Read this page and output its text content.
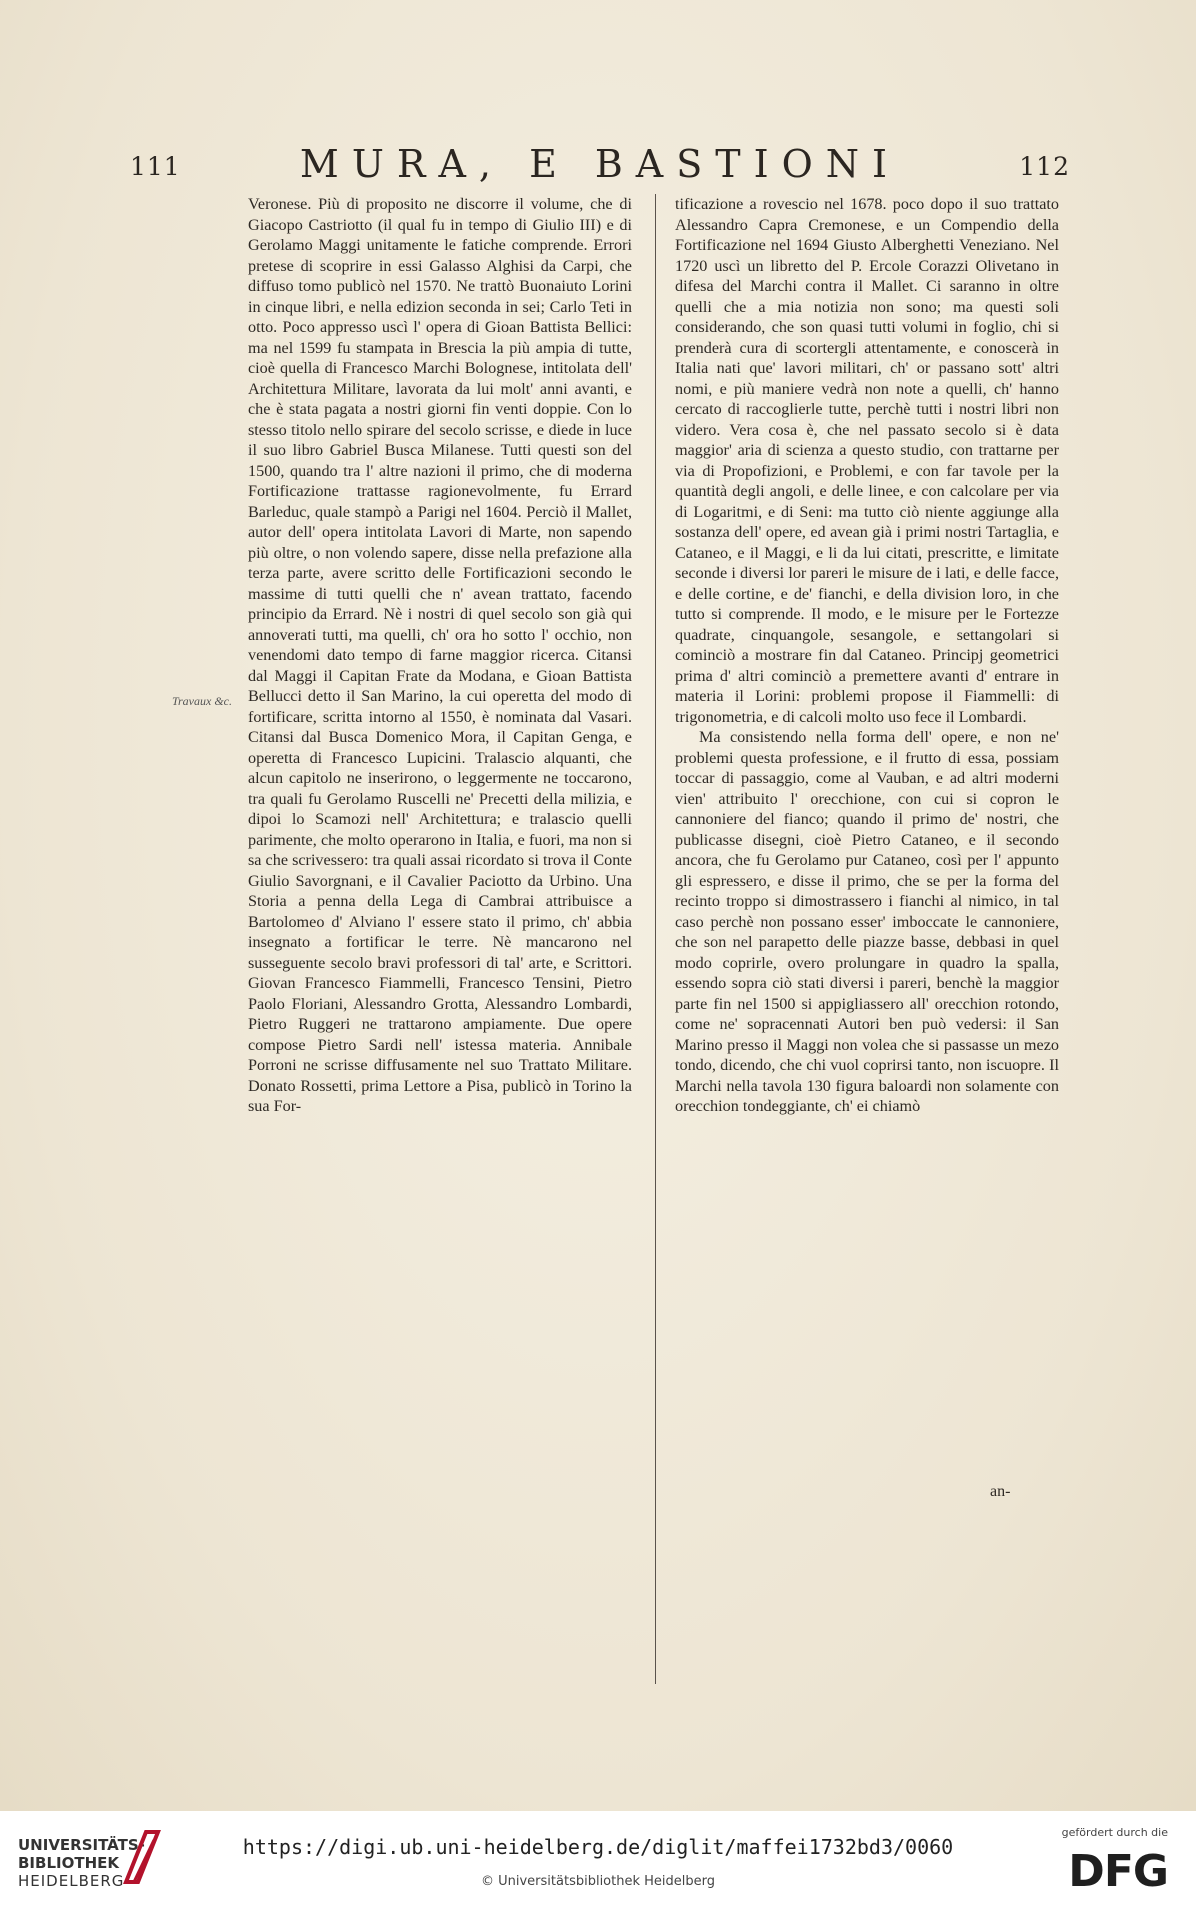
111	MURA, E BASTIONI	112
Travaux &c.

Veronese. Più di proposito ne discorre il volume, che di Giacopo Castriotto (il qual fu in tempo di Giulio III) e di Gerolamo Maggi unitamente le fatiche comprende. Errori pretese di scoprire in essi Galasso Alghisi da Carpi, che diffuso tomo publicò nel 1570. Ne trattò Buonaiuto Lorini in cinque libri, e nella edizion seconda in sei; Carlo Teti in otto. Poco appresso uscì l' opera di Gioan Battista Bellici: ma nel 1599 fu stampata in Brescia la più ampia di tutte, cioè quella di Francesco Marchi Bolognese, intitolata dell' Architettura Militare, lavorata da lui molt' anni avanti, e che è stata pagata a nostri giorni fin venti doppie. Con lo stesso titolo nello spirare del secolo scrisse, e diede in luce il suo libro Gabriel Busca Milanese. Tutti questi son del 1500, quando tra l' altre nazioni il primo, che di moderna Fortificazione trattasse ragionevolmente, fu Errard Barleduc, quale stampò a Parigi nel 1604. Perciò il Mallet, autor dell' opera intitolata Lavori di Marte, non sapendo più oltre, o non volendo sapere, disse nella prefazione alla terza parte, avere scritto delle Fortificazioni secondo le massime di tutti quelli che n' avean trattato, facendo principio da Errard. Nè i nostri di quel secolo son già qui annoverati tutti, ma quelli, ch' ora ho sotto l' occhio, non venendomi dato tempo di farne maggior ricerca. Citansi dal Maggi il Capitan Frate da Modana, e Gioan Battista Bellucci detto il San Marino, la cui operetta del modo di fortificare, scritta intorno al 1550, è nominata dal Vasari. Citansi dal Busca Domenico Mora, il Capitan Genga, e operetta di Francesco Lupicini. Tralascio alquanti, che alcun capitolo ne inserirono, o leggermente ne toccarono, tra quali fu Gerolamo Ruscelli ne' Precetti della milizia, e dipoi lo Scamozi nell' Architettura; e tralascio quelli parimente, che molto operarono in Italia, e fuori, ma non si sa che scrivessero: tra quali assai ricordato si trova il Conte Giulio Savorgnani, e il Cavalier Paciotto da Urbino. Una Storia a penna della Lega di Cambrai attribuisce a Bartolomeo d' Alviano l' essere stato il primo, ch' abbia insegnato a fortificar le terre. Nè mancarono nel susseguente secolo bravi professori di tal' arte, e Scrittori. Giovan Francesco Fiammelli, Francesco Tensini, Pietro Paolo Floriani, Alessandro Grotta, Alessandro Lombardi, Pietro Ruggeri ne trattarono ampiamente. Due opere compose Pietro Sardi nell' istessa materia. Annibale Porroni ne scrisse diffusamente nel suo Trattato Militare. Donato Rossetti, prima Lettore a Pisa, publicò in Torino la sua For-

tificazione a rovescio nel 1678. poco dopo il suo trattato Alessandro Capra Cremonese, e un Compendio della Fortificazione nel 1694 Giusto Alberghetti Veneziano. Nel 1720 uscì un libretto del P. Ercole Corazzi Olivetano in difesa del Marchi contra il Mallet. Ci saranno in oltre quelli che a mia notizia non sono; ma questi soli considerando, che son quasi tutti volumi in foglio, chi si prenderà cura di scortergli attentamente, e conoscerà in Italia nati que' lavori militari, ch' or passano sott' altri nomi, e più maniere vedrà non note a quelli, ch' hanno cercato di raccoglierle tutte, perchè tutti i nostri libri non videro. Vera cosa è, che nel passato secolo si è data maggior' aria di scienza a questo studio, con trattarne per via di Propofizioni, e Problemi, e con far tavole per la quantità degli angoli, e delle linee, e con calcolare per via di Logaritmi, e di Seni: ma tutto ciò niente aggiunge alla sostanza dell' opere, ed avean già i primi nostri Tartaglia, e Cataneo, e il Maggi, e li da lui citati, prescritte, e limitate seconde i diversi lor pareri le misure de i lati, e delle facce, e delle cortine, e de' fianchi, e della division loro, in che tutto si comprende. Il modo, e le misure per le Fortezze quadrate, cinquangole, sesangole, e settangolari si cominciò a mostrare fin dal Cataneo. Principj geometrici prima d' altri cominciò a premettere avanti d' entrare in materia il Lorini: problemi propose il Fiammelli: di trigonometria, e di calcoli molto uso fece il Lombardi.

Ma consistendo nella forma dell' opere, e non ne' problemi questa professione, e il frutto di essa, possiam toccar di passaggio, come al Vauban, e ad altri moderni vien' attribuito l' orecchione, con cui si copron le cannoniere del fianco; quando il primo de' nostri, che publicasse disegni, cioè Pietro Cataneo, e il secondo ancora, che fu Gerolamo pur Cataneo, così per l' appunto gli espressero, e disse il primo, che se per la forma del recinto troppo si dimostrassero i fianchi al nimico, in tal caso perchè non possano esser' imboccate le cannoniere, che son nel parapetto delle piazze basse, debbasi in quel modo coprirle, overo prolungare in quadro la spalla, essendo sopra ciò stati diversi i pareri, benchè la maggior parte fin nel 1500 si appigliassero all' orecchion rotondo, come ne' sopracennati Autori ben può vedersi: il San Marino presso il Maggi non volea che si passasse un mezo tondo, dicendo, che chi vuol coprirsi tanto, non iscuopre. Il Marchi nella tavola 130 figura baloardi non solamente con orecchion tondeggiante, ch' ei chiamò

an-
UNIVERSITÄTS-
BIBLIOTHEK
HEIDELBERG
https://digi.ub.uni-heidelberg.de/diglit/maffei1732bd3/0060
© Universitätsbibliothek Heidelberg
gefördert durch die
DFG
